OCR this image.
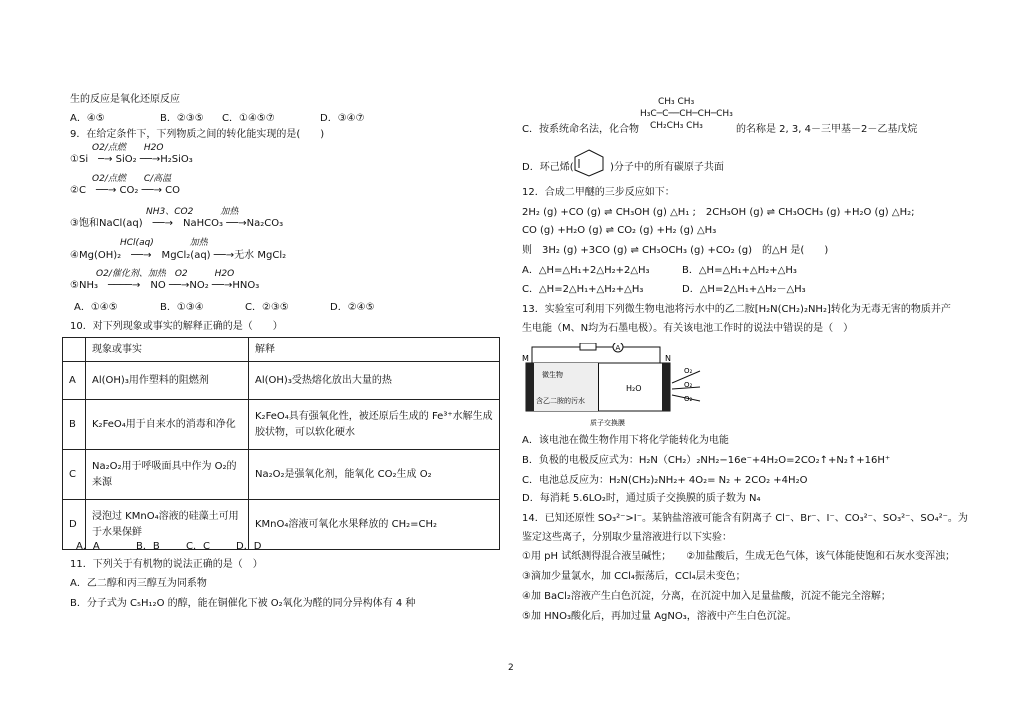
生的反应是氧化还原反应
A．④⑤	B．②③⑤ C．①④⑤⑦	D．③④⑦
9．在给定条件下，下列物质之间的转化能实现的是(　　)
O2/点燃　　H2O
①Si　─→ SiO₂ ──→H₂SiO₃
O2/点燃　　C/高温
②C　──→ CO₂ ──→ CO
NH3、CO2　　　加热
③饱和NaCl(aq)　──→　NaHCO₃ ──→Na₂CO₃
HCl(aq)　　　　加热
④Mg(OH)₂　──→　MgCl₂(aq) ──→无水 MgCl₂
O2/催化剂、加热　O2　　　H2O
⑤NH₃　────→　NO ──→NO₂ ──→HNO₃
A．①④⑤	B．①③④	C．②③⑤	D．②④⑤
10．对下列现象或事实的解释正确的是（　　）
	现象或事实	解释
A	Al(OH)₃用作塑料的阻燃剂	Al(OH)₃受热熔化放出大量的热
B	K₂FeO₄用于自来水的消毒和净化	K₂FeO₄具有强氧化性，被还原后生成的 Fe³⁺水解生成胶状物，可以软化硬水
C	Na₂O₂用于呼吸面具中作为 O₂的来源	Na₂O₂是强氧化剂，能氧化 CO₂生成 O₂
D	浸泡过 KMnO₄溶液的硅藻土可用于水果保鲜	KMnO₄溶液可氧化水果释放的 CH₂=CH₂
A．A	B．B	C．C	D．D
11．下列关于有机物的说法正确的是（　）
A．乙二醇和丙三醇互为同系物
B．分子式为 C₅H₁₂O 的醇，能在铜催化下被 O₂氧化为醛的同分异构体有 4 种
CH₃ CH₃
H₃C─C──CH─CH─CH₃
CH₂CH₃ CH₃
C．按系统命名法，化合物	的名称是 2, 3, 4－三甲基－2－乙基戊烷
D．环己烯(	)分子中的所有碳原子共面
12．合成二甲醚的三步反应如下：
2H₂ (g) +CO (g) ⇌ CH₃OH (g) △H₁ ;　2CH₃OH (g) ⇌ CH₃OCH₃ (g) +H₂O (g) △H₂;
CO (g) +H₂O (g) ⇌ CO₂ (g) +H₂ (g) △H₃
则　3H₂ (g) +3CO (g) ⇌ CH₃OCH₃ (g) +CO₂ (g)　的△H 是(　　)
A．△H=△H₁+2△H₂+2△H₃	B．△H=△H₁+△H₂+△H₃
C．△H=2△H₁+△H₂+△H₃	D．△H=2△H₁+△H₂－△H₃
13．实验室可利用下列微生物电池将污水中的乙二胺[H₂N(CH₂)₂NH₂]转化为无毒无害的物质并产
生电能（M、N均为石墨电极）。有关该电池工作时的说法中错误的是（　）
A
M	N
微生物
含乙二胺的污水
H₂O
O₂
O₂
O₂
质子交换膜
A．该电池在微生物作用下将化学能转化为电能
B．负极的电极反应式为：H₂N（CH₂）₂NH₂−16e⁻+4H₂O=2CO₂↑+N₂↑+16H⁺
C．电池总反应为：H₂N(CH₂)₂NH₂+ 4O₂= N₂ + 2CO₂ +4H₂O
D．每消耗 5.6LO₂时，通过质子交换膜的质子数为 N₄
14．已知还原性 SO₃²⁻>I⁻。某钠盐溶液可能含有阴离子 Cl⁻、Br⁻、I⁻、CO₃²⁻、SO₃²⁻、SO₄²⁻。为
鉴定这些离子，分别取少量溶液进行以下实验：
①用 pH 试纸测得混合液呈碱性；　　②加盐酸后，生成无色气体，该气体能使饱和石灰水变浑浊；
③滴加少量氯水，加 CCl₄振荡后，CCl₄层未变色；
④加 BaCl₂溶液产生白色沉淀，分离，在沉淀中加入足量盐酸，沉淀不能完全溶解；
⑤加 HNO₃酸化后，再加过量 AgNO₃，溶液中产生白色沉淀。
2
